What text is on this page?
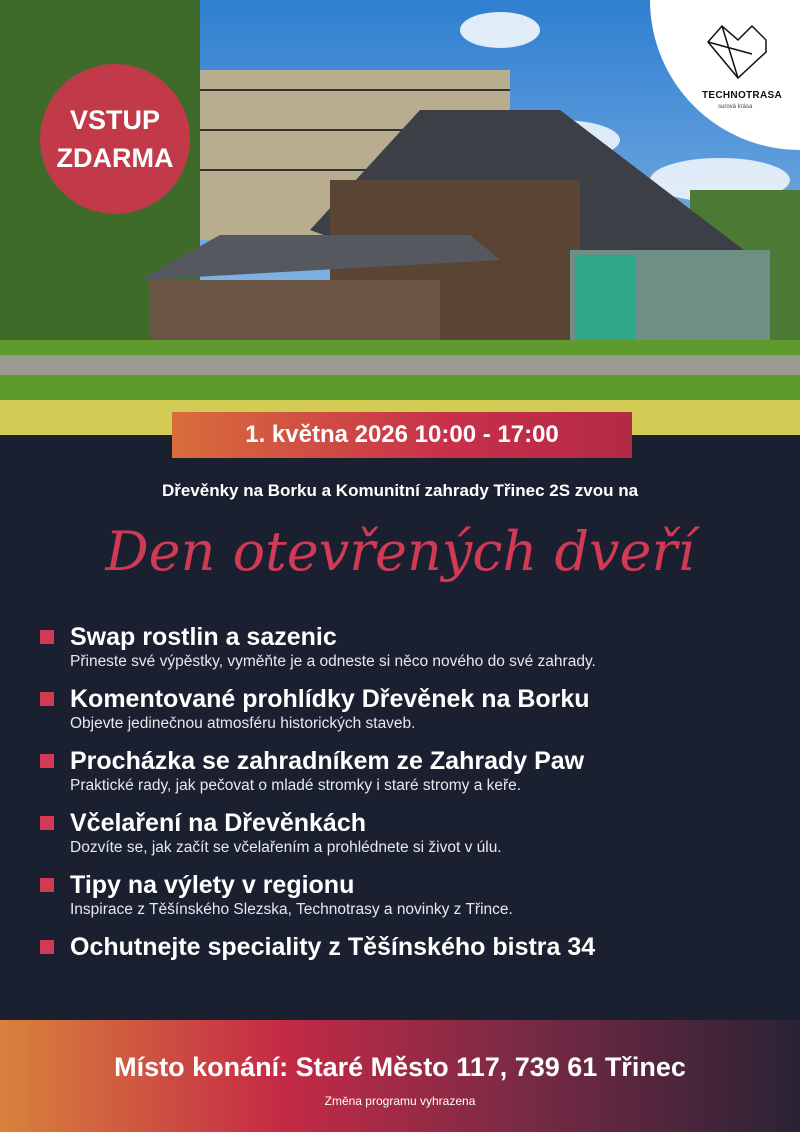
VSTUP
ZDARMA
TECHNOTRASA
surová krása
1. května 2026 10:00 - 17:00
Dřevěnky na Borku a Komunitní zahrady Třinec 2S zvou na
Den otevřených dveří
Swap rostlin a sazenic
Přineste své výpěstky, vyměňte je a odneste si něco nového do své zahrady.
Komentované prohlídky Dřevěnek na Borku
Objevte jedinečnou atmosféru historických staveb.
Procházka se zahradníkem ze Zahrady Paw
Praktické rady, jak pečovat o mladé stromky i staré stromy a keře.
Včelaření na Dřevěnkách
Dozvíte se, jak začít se včelařením a prohlédnete si život v úlu.
Tipy na výlety v regionu
Inspirace z Těšínského Slezska, Technotrasy a novinky z Třince.
Ochutnejte speciality z Těšínského bistra 34
Místo konání: Staré Město 117, 739 61 Třinec
Změna programu vyhrazena
